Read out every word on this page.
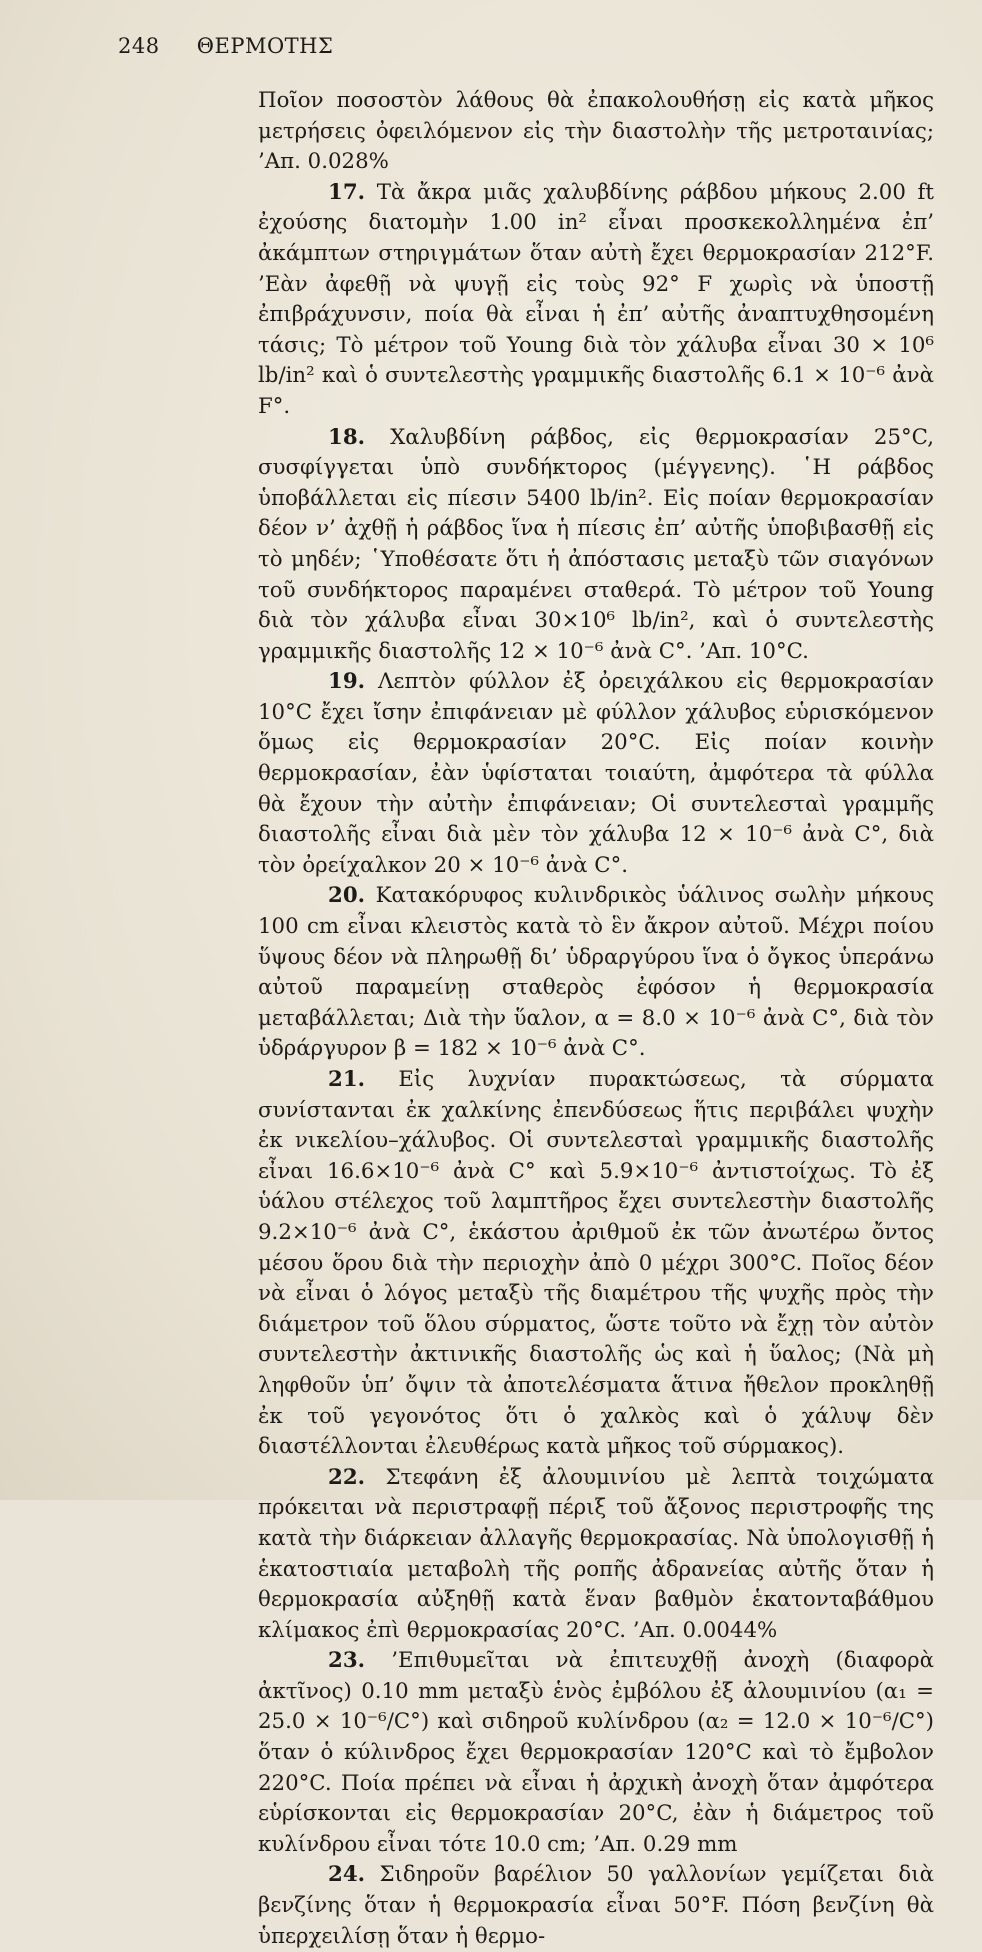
248 ΘΕΡΜΟΤΗΣ

Ποῖον ποσοστὸν λάθους θὰ ἐπακολουθήσῃ εἰς κατὰ μῆκος μετρήσεις ὀφειλόμενον εἰς τὴν διαστολὴν τῆς μετροταινίας; ’Απ. 0.028%

17. Τὰ ἄκρα μιᾶς χαλυβδίνης ράβδου μήκους 2.00 ft ἐχούσης διατομὴν 1.00 in² εἶναι προσκεκολλημένα ἐπ’ ἀκάμπτων στηριγμάτων ὅταν αὐτὴ ἔχει θερμοκρασίαν 212°F. ’Εὰν ἀφεθῇ νὰ ψυγῇ εἰς τοὺς 92° F χωρὶς νὰ ὑποστῇ ἐπιβράχυνσιν, ποία θὰ εἶναι ἡ ἐπ’ αὐτῆς ἀναπτυχθησομένη τάσις; Τὸ μέτρον τοῦ Young διὰ τὸν χάλυβα εἶναι 30 × 10⁶ lb/in² καὶ ὁ συντελεστὴς γραμμικῆς διαστολῆς 6.1 × 10⁻⁶ ἀνὰ F°.

18. Χαλυβδίνη ράβδος, εἰς θερμοκρασίαν 25°C, συσφίγγεται ὑπὸ συνδήκτορος (μέγγενης). ῾Η ράβδος ὑποβάλλεται εἰς πίεσιν 5400 lb/in². Εἰς ποίαν θερμοκρασίαν δέον ν’ ἀχθῇ ἡ ράβδος ἵνα ἡ πίεσις ἐπ’ αὐτῆς ὑποβιβασθῇ εἰς τὸ μηδέν; ῾Υποθέσατε ὅτι ἡ ἀπόστασις μεταξὺ τῶν σιαγόνων τοῦ συνδήκτορος παραμένει σταθερά. Τὸ μέτρον τοῦ Young διὰ τὸν χάλυβα εἶναι 30×10⁶ lb/in², καὶ ὁ συντελεστὴς γραμμικῆς διαστολῆς 12 × 10⁻⁶ ἀνὰ C°. ’Απ. 10°C.

19. Λεπτὸν φύλλον ἐξ ὀρειχάλκου εἰς θερμοκρασίαν 10°C ἔχει ἴσην ἐπιφάνειαν μὲ φύλλον χάλυβος εὑρισκόμενον ὅμως εἰς θερμοκρασίαν 20°C. Εἰς ποίαν κοινὴν θερμοκρασίαν, ἐὰν ὑφίσταται τοιαύτη, ἀμφότερα τὰ φύλλα θὰ ἔχουν τὴν αὐτὴν ἐπιφάνειαν; Οἱ συντελεσταὶ γραμμῆς διαστολῆς εἶναι διὰ μὲν τὸν χάλυβα 12 × 10⁻⁶ ἀνὰ C°, διὰ τὸν ὀρείχαλκον 20 × 10⁻⁶ ἀνὰ C°.

20. Κατακόρυφος κυλινδρικὸς ὑάλινος σωλὴν μήκους 100 cm εἶναι κλειστὸς κατὰ τὸ ἓν ἄκρον αὐτοῦ. Μέχρι ποίου ὕψους δέον νὰ πληρωθῇ δι’ ὑδραργύρου ἵνα ὁ ὄγκος ὑπεράνω αὐτοῦ παραμείνῃ σταθερὸς ἐφόσον ἡ θερμοκρασία μεταβάλλεται; Διὰ τὴν ὕαλον, α = 8.0 × 10⁻⁶ ἀνὰ C°, διὰ τὸν ὑδράργυρον β = 182 × 10⁻⁶ ἀνὰ C°.

21. Εἰς λυχνίαν πυρακτώσεως, τὰ σύρματα συνίστανται ἐκ χαλκίνης ἐπενδύσεως ἥτις περιβάλει ψυχὴν ἐκ νικελίου–χάλυβος. Οἱ συντελεσταὶ γραμμικῆς διαστολῆς εἶναι 16.6×10⁻⁶ ἀνὰ C° καὶ 5.9×10⁻⁶ ἀντιστοίχως. Τὸ ἐξ ὑάλου στέλεχος τοῦ λαμπτῆρος ἔχει συντελεστὴν διαστολῆς 9.2×10⁻⁶ ἀνὰ C°, ἑκάστου ἀριθμοῦ ἐκ τῶν ἀνωτέρω ὄντος μέσου ὅρου διὰ τὴν περιοχὴν ἀπὸ 0 μέχρι 300°C. Ποῖος δέον νὰ εἶναι ὁ λόγος μεταξὺ τῆς διαμέτρου τῆς ψυχῆς πρὸς τὴν διάμετρον τοῦ ὅλου σύρματος, ὥστε τοῦτο νὰ ἔχῃ τὸν αὐτὸν συντελεστὴν ἀκτινικῆς διαστολῆς ὡς καὶ ἡ ὕαλος; (Νὰ μὴ ληφθοῦν ὑπ’ ὄψιν τὰ ἀποτελέσματα ἅτινα ἤθελον προκληθῇ ἐκ τοῦ γεγονότος ὅτι ὁ χαλκὸς καὶ ὁ χάλυψ δὲν διαστέλλονται ἐλευθέρως κατὰ μῆκος τοῦ σύρμακος).

22. Στεφάνη ἐξ ἀλουμινίου μὲ λεπτὰ τοιχώματα πρόκειται νὰ περιστραφῇ πέριξ τοῦ ἄξονος περιστροφῆς της κατὰ τὴν διάρκειαν ἀλλαγῆς θερμοκρασίας. Νὰ ὑπολογισθῇ ἡ ἑκατοστιαία μεταβολὴ τῆς ροπῆς ἀδρανείας αὐτῆς ὅταν ἡ θερμοκρασία αὐξηθῇ κατὰ ἕναν βαθμὸν ἑκατονταβάθμου κλίμακος ἐπὶ θερμοκρασίας 20°C. ’Απ. 0.0044%

23. ’Επιθυμεῖται νὰ ἐπιτευχθῇ ἀνοχὴ (διαφορὰ ἀκτῖνος) 0.10 mm μεταξὺ ἑνὸς ἐμβόλου ἐξ ἀλουμινίου (α₁ = 25.0 × 10⁻⁶/C°) καὶ σιδηροῦ κυλίνδρου (α₂ = 12.0 × 10⁻⁶/C°) ὅταν ὁ κύλινδρος ἔχει θερμοκρασίαν 120°C καὶ τὸ ἔμβολον 220°C. Ποία πρέπει νὰ εἶναι ἡ ἀρχικὴ ἀνοχὴ ὅταν ἀμφότερα εὑρίσκονται εἰς θερμοκρασίαν 20°C, ἐὰν ἡ διάμετρος τοῦ κυλίνδρου εἶναι τότε 10.0 cm; ’Απ. 0.29 mm

24. Σιδηροῦν βαρέλιον 50 γαλλονίων γεμίζεται διὰ βενζίνης ὅταν ἡ θερμοκρασία εἶναι 50°F. Πόση βενζίνη θὰ ὑπερχειλίσῃ ὅταν ἡ θερμο-
